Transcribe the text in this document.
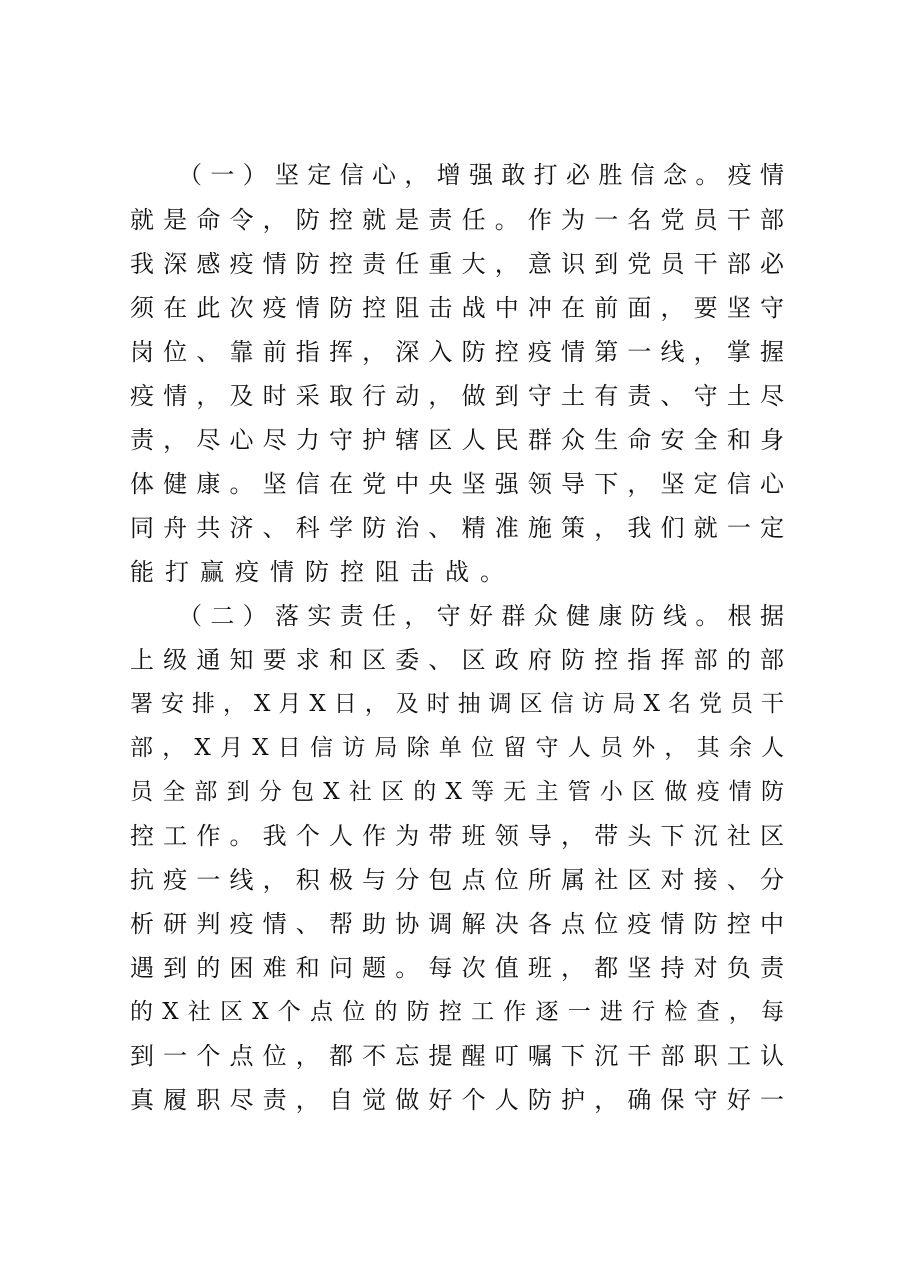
（一）坚定信心，增强敢打必胜信念。疫情
就是命令，防控就是责任。作为一名党员干部
我深感疫情防控责任重大，意识到党员干部必
须在此次疫情防控阻击战中冲在前面，要坚守
岗位、靠前指挥，深入防控疫情第一线，掌握
疫情，及时采取行动，做到守土有责、守土尽
责，尽心尽力守护辖区人民群众生命安全和身
体健康。坚信在党中央坚强领导下，坚定信心
同舟共济、科学防治、精准施策，我们就一定
能打赢疫情防控阻击战。
（二）落实责任，守好群众健康防线。根据
上级通知要求和区委、区政府防控指挥部的部
署安排，X月X日，及时抽调区信访局X名党员干
部，X月X日信访局除单位留守人员外，其余人
员全部到分包X社区的X等无主管小区做疫情防
控工作。我个人作为带班领导，带头下沉社区
抗疫一线，积极与分包点位所属社区对接、分
析研判疫情、帮助协调解决各点位疫情防控中
遇到的困难和问题。每次值班，都坚持对负责
的X社区X个点位的防控工作逐一进行检查，每
到一个点位，都不忘提醒叮嘱下沉干部职工认
真履职尽责，自觉做好个人防护，确保守好一
